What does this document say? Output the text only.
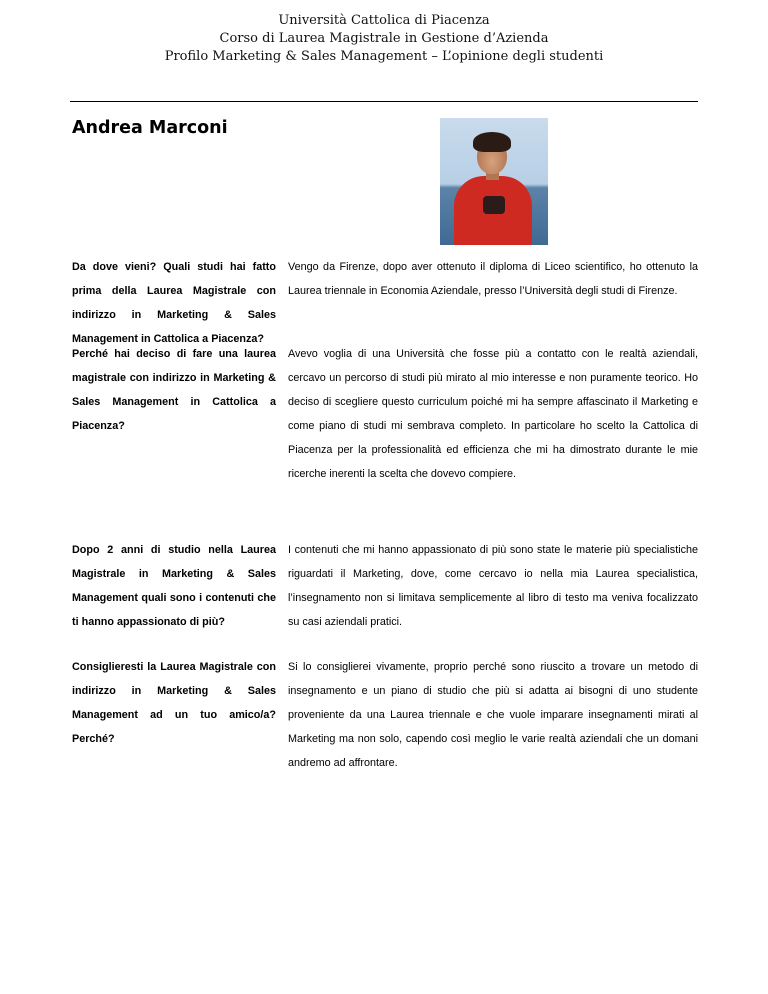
Università Cattolica di Piacenza
Corso di Laurea Magistrale in Gestione d’Azienda
Profilo Marketing & Sales Management – L’opinione degli studenti
Andrea Marconi
Da dove vieni? Quali studi hai fatto prima della Laurea Magistrale con indirizzo in Marketing & Sales Management in Cattolica a Piacenza?
Vengo da Firenze, dopo aver ottenuto il diploma di Liceo scientifico, ho ottenuto la Laurea triennale in Economia Aziendale, presso l’Università degli studi di Firenze.
Perché hai deciso di fare una laurea magistrale con indirizzo in Marketing & Sales Management in Cattolica a Piacenza?
Avevo voglia di una Università che fosse più a contatto con le realtà aziendali, cercavo un percorso di studi più mirato al mio interesse e non puramente teorico. Ho deciso di scegliere questo curriculum poiché mi ha sempre affascinato il Marketing e come piano di studi mi sembrava completo. In particolare ho scelto la Cattolica di Piacenza per la professionalità ed efficienza che mi ha dimostrato durante le mie ricerche inerenti la scelta che dovevo compiere.
Dopo 2 anni di studio nella Laurea Magistrale in Marketing & Sales Management quali sono i contenuti che ti hanno appassionato di più?
I contenuti che mi hanno appassionato di più sono state le materie più specialistiche riguardati il Marketing, dove, come cercavo io nella mia Laurea specialistica, l’insegnamento non si limitava semplicemente al libro di testo ma veniva focalizzato su casi aziendali pratici.
Consiglieresti la Laurea Magistrale con indirizzo in Marketing & Sales Management ad un tuo amico/a? Perché?
Si lo consiglierei vivamente, proprio perché sono riuscito a trovare un metodo di insegnamento e un piano di studio che più si adatta ai bisogni di uno studente proveniente da una Laurea triennale e che vuole imparare insegnamenti mirati al Marketing ma non solo, capendo così meglio le varie realtà aziendali che un domani andremo ad affrontare.
